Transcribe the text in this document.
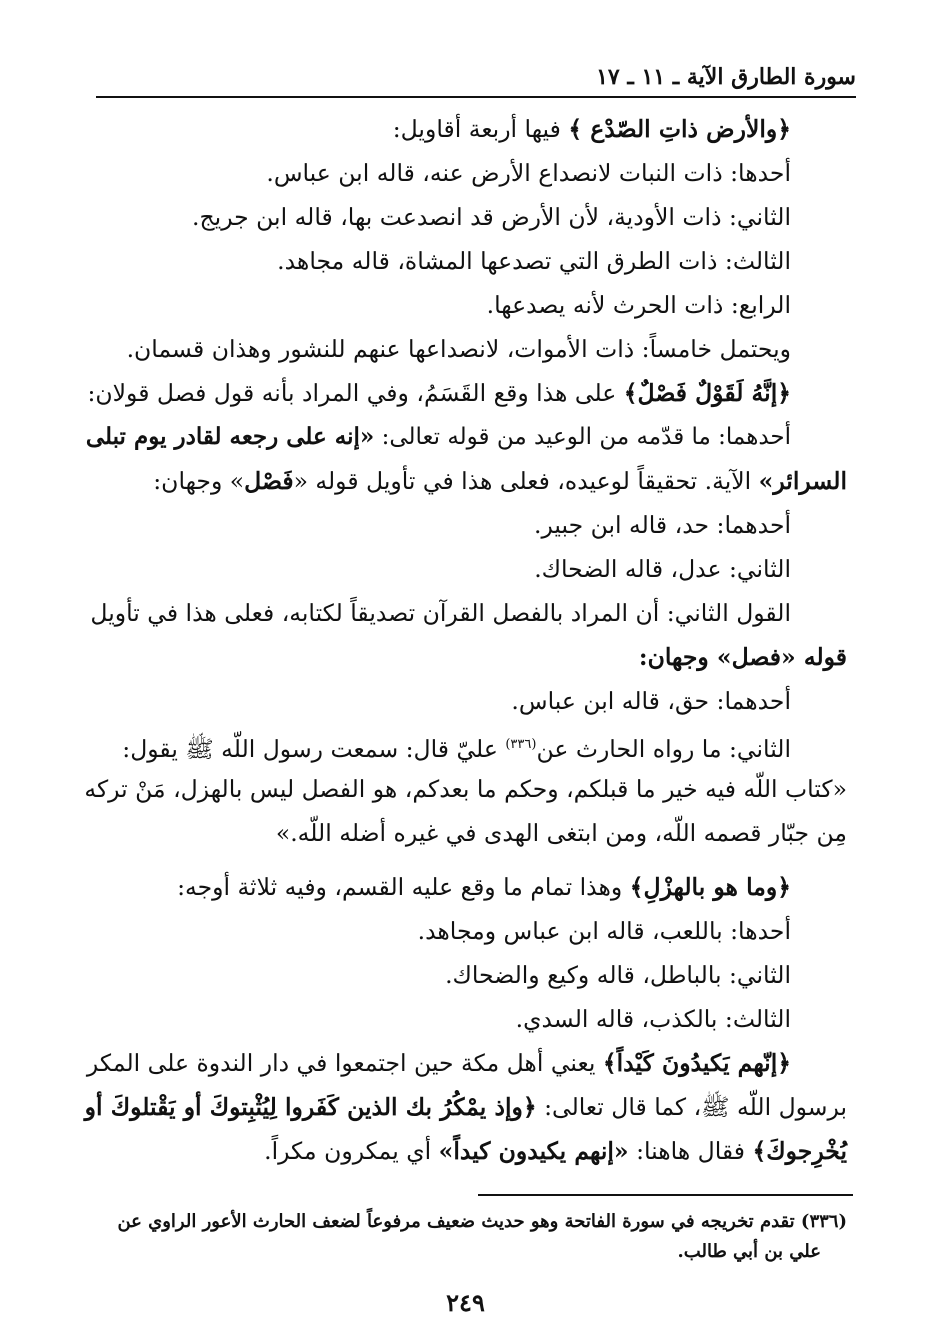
سورة الطارق الآية ـ ١١ ـ ١٧
﴿والأرض ذاتِ الصّدْع ﴾ فيها أربعة أقاويل:
أحدها: ذات النبات لانصداع الأرض عنه، قاله ابن عباس.
الثاني: ذات الأودية، لأن الأرض قد انصدعت بها، قاله ابن جريج.
الثالث: ذات الطرق التي تصدعها المشاة، قاله مجاهد.
الرابع: ذات الحرث لأنه يصدعها.
ويحتمل خامساً: ذات الأموات، لانصداعها عنهم للنشور وهذان قسمان.
﴿إنَّهُ لَقَوْلٌ فَصْلٌ﴾ على هذا وقع القَسَمُ، وفي المراد بأنه قول فصل قولان:
أحدهما: ما قدّمه من الوعيد من قوله تعالى: «إنه على رجعه لقادر يوم تبلى
السرائر» الآية. تحقيقاً لوعيده، فعلى هذا في تأويل قوله «فَصْل» وجهان:
أحدهما: حد، قاله ابن جبير.
الثاني: عدل، قاله الضحاك.
القول الثاني: أن المراد بالفصل القرآن تصديقاً لكتابه، فعلى هذا في تأويل
قوله «فصل» وجهان:
أحدهما: حق، قاله ابن عباس.
الثاني: ما رواه الحارث عن$^{(٣٣٦)}$ عليّ قال: سمعت رسول اللّه ﷺ يقول:
«كتاب اللّه فيه خير ما قبلكم، وحكم ما بعدكم، هو الفصل ليس بالهزل، مَنْ تركه
مِن جبّار قصمه اللّه، ومن ابتغى الهدى في غيره أضله اللّه.»
﴿وما هو بالهزْلِ﴾ وهذا تمام ما وقع عليه القسم، وفيه ثلاثة أوجه:
أحدها: باللعب، قاله ابن عباس ومجاهد.
الثاني: بالباطل، قاله وكيع والضحاك.
الثالث: بالكذب، قاله السدي.
﴿إنّهم يَكيدُونَ كَيْداً﴾ يعني أهل مكة حين اجتمعوا في دار الندوة على المكر
برسول اللّه ﷺ، كما قال تعالى: ﴿وإذ يمْكُرُ بك الذين كَفَروا لِيُثْبِتوكَ أو يَقْتلوكَ أو
يُخْرِجوكَ﴾ فقال هاهنا: «إنهم يكيدون كيداً» أي يمكرون مكراً.
(٣٣٦) تقدم تخريجه في سورة الفاتحة وهو حديث ضعيف مرفوعاً لضعف الحارث الأعور الراوي عن
علي بن أبي طالب.
٢٤٩
